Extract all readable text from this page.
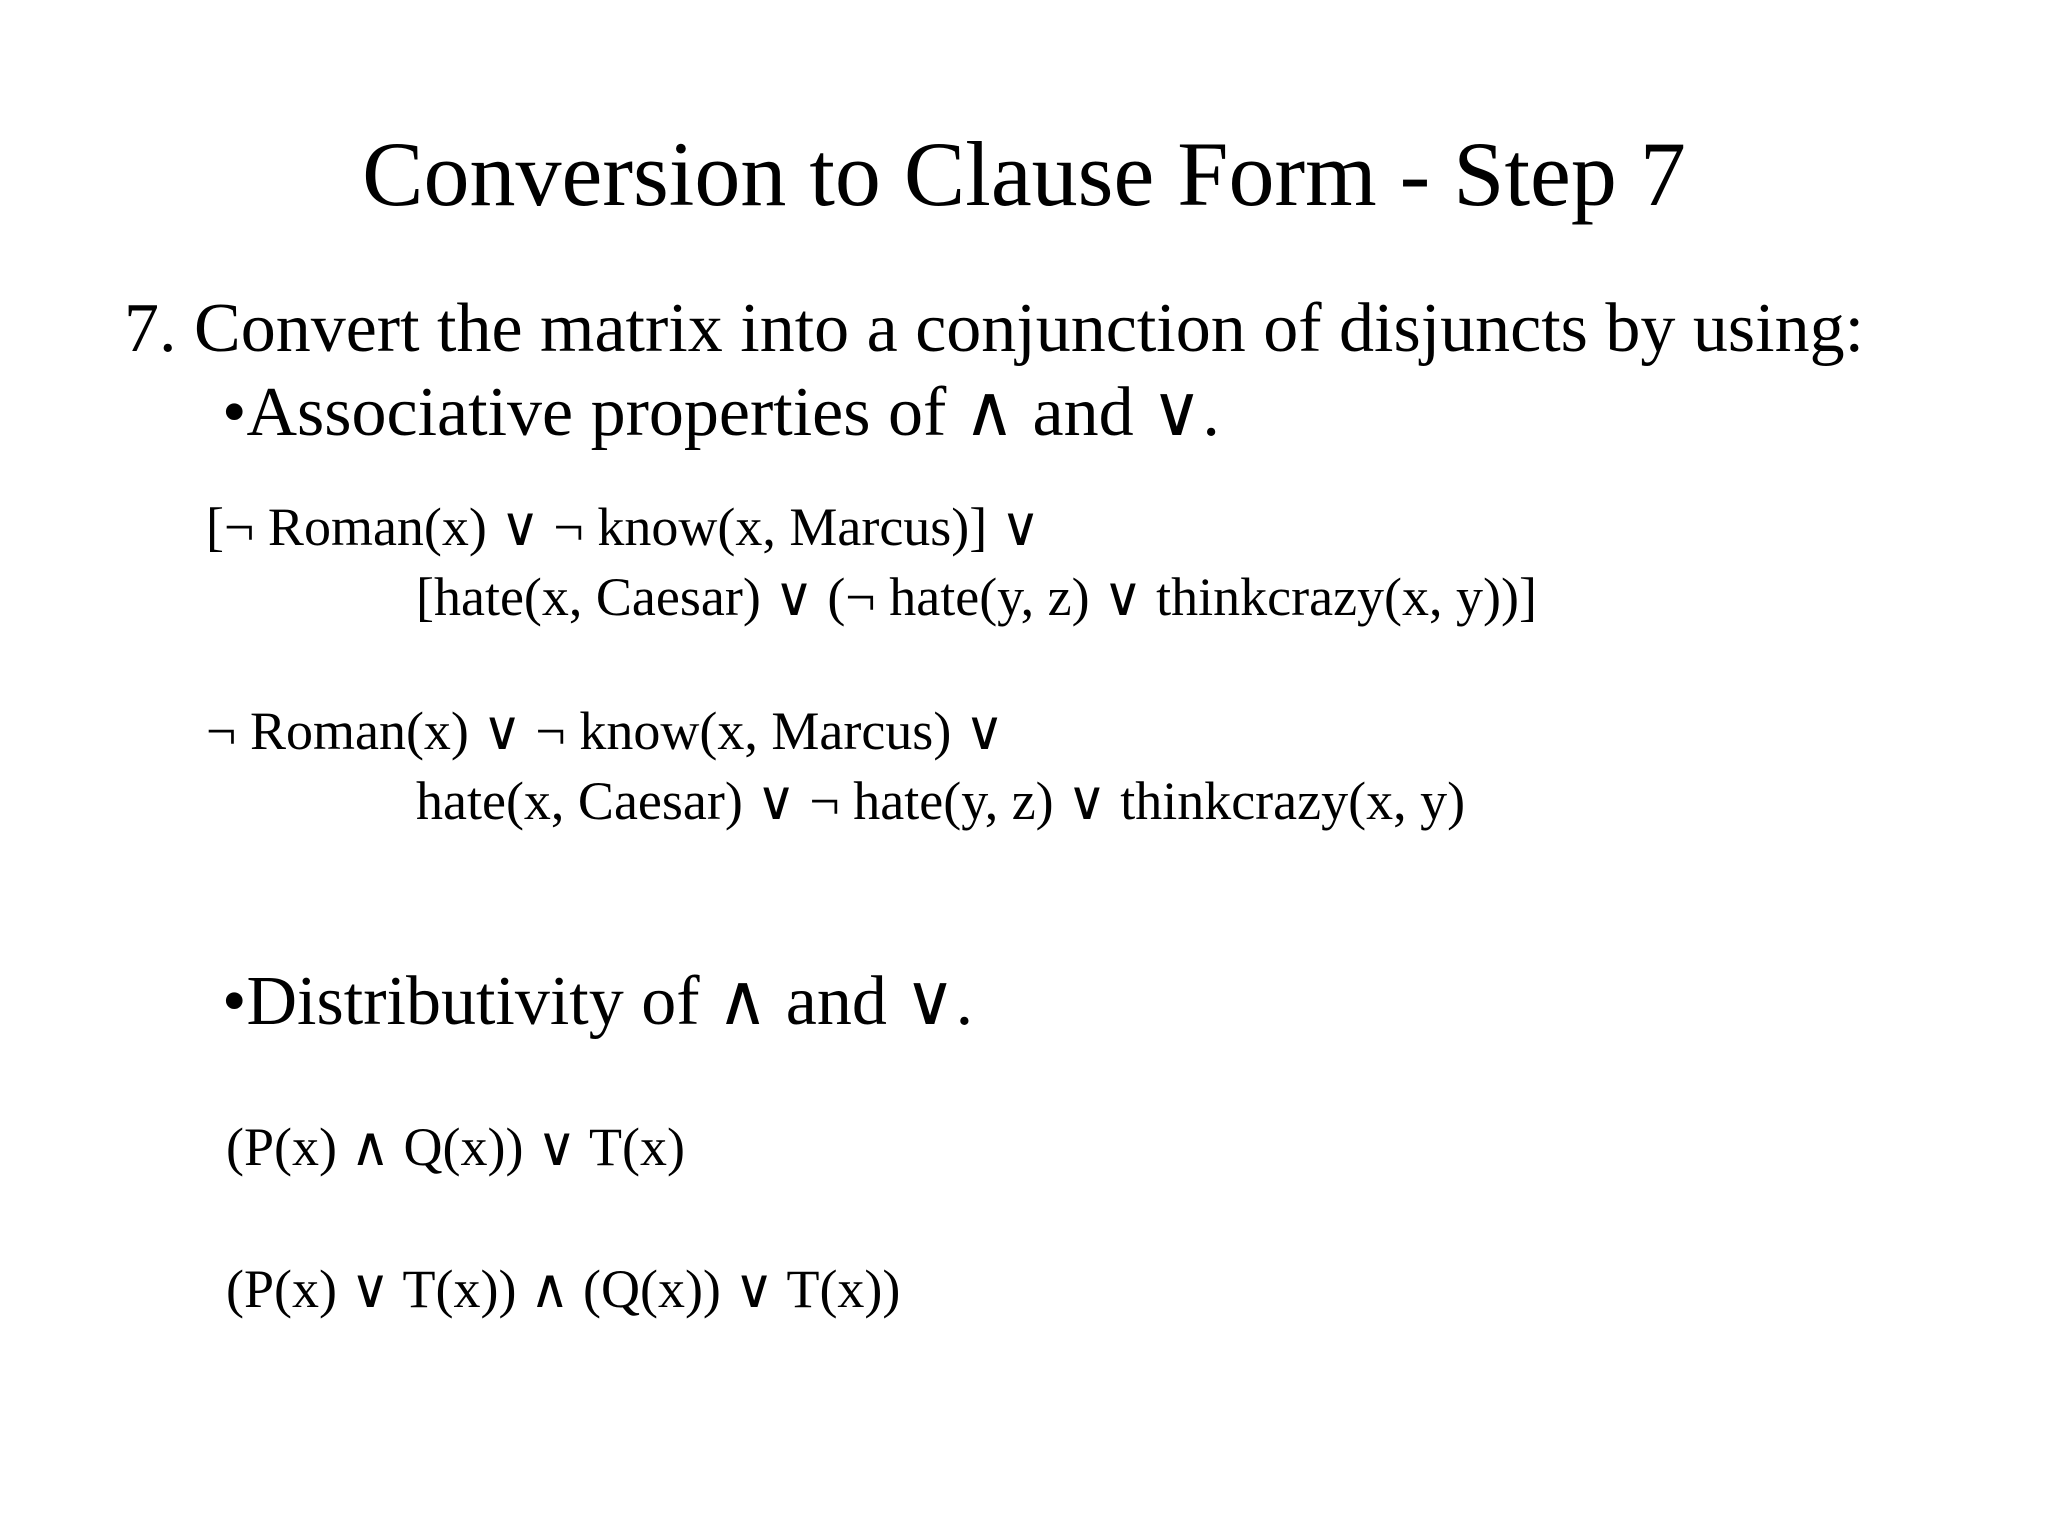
Conversion to Clause Form - Step 7
7. Convert the matrix into a conjunction of disjuncts by using:
•Associative properties of ∧ and ∨.
[¬ Roman(x) ∨ ¬ know(x, Marcus)] ∨
[hate(x, Caesar) ∨ (¬ hate(y, z) ∨ thinkcrazy(x, y))]
¬ Roman(x) ∨ ¬ know(x, Marcus) ∨
hate(x, Caesar) ∨ ¬ hate(y, z) ∨ thinkcrazy(x, y)
•Distributivity of ∧ and ∨.
(P(x) ∧ Q(x)) ∨ T(x)
(P(x) ∨ T(x)) ∧ (Q(x)) ∨ T(x))
